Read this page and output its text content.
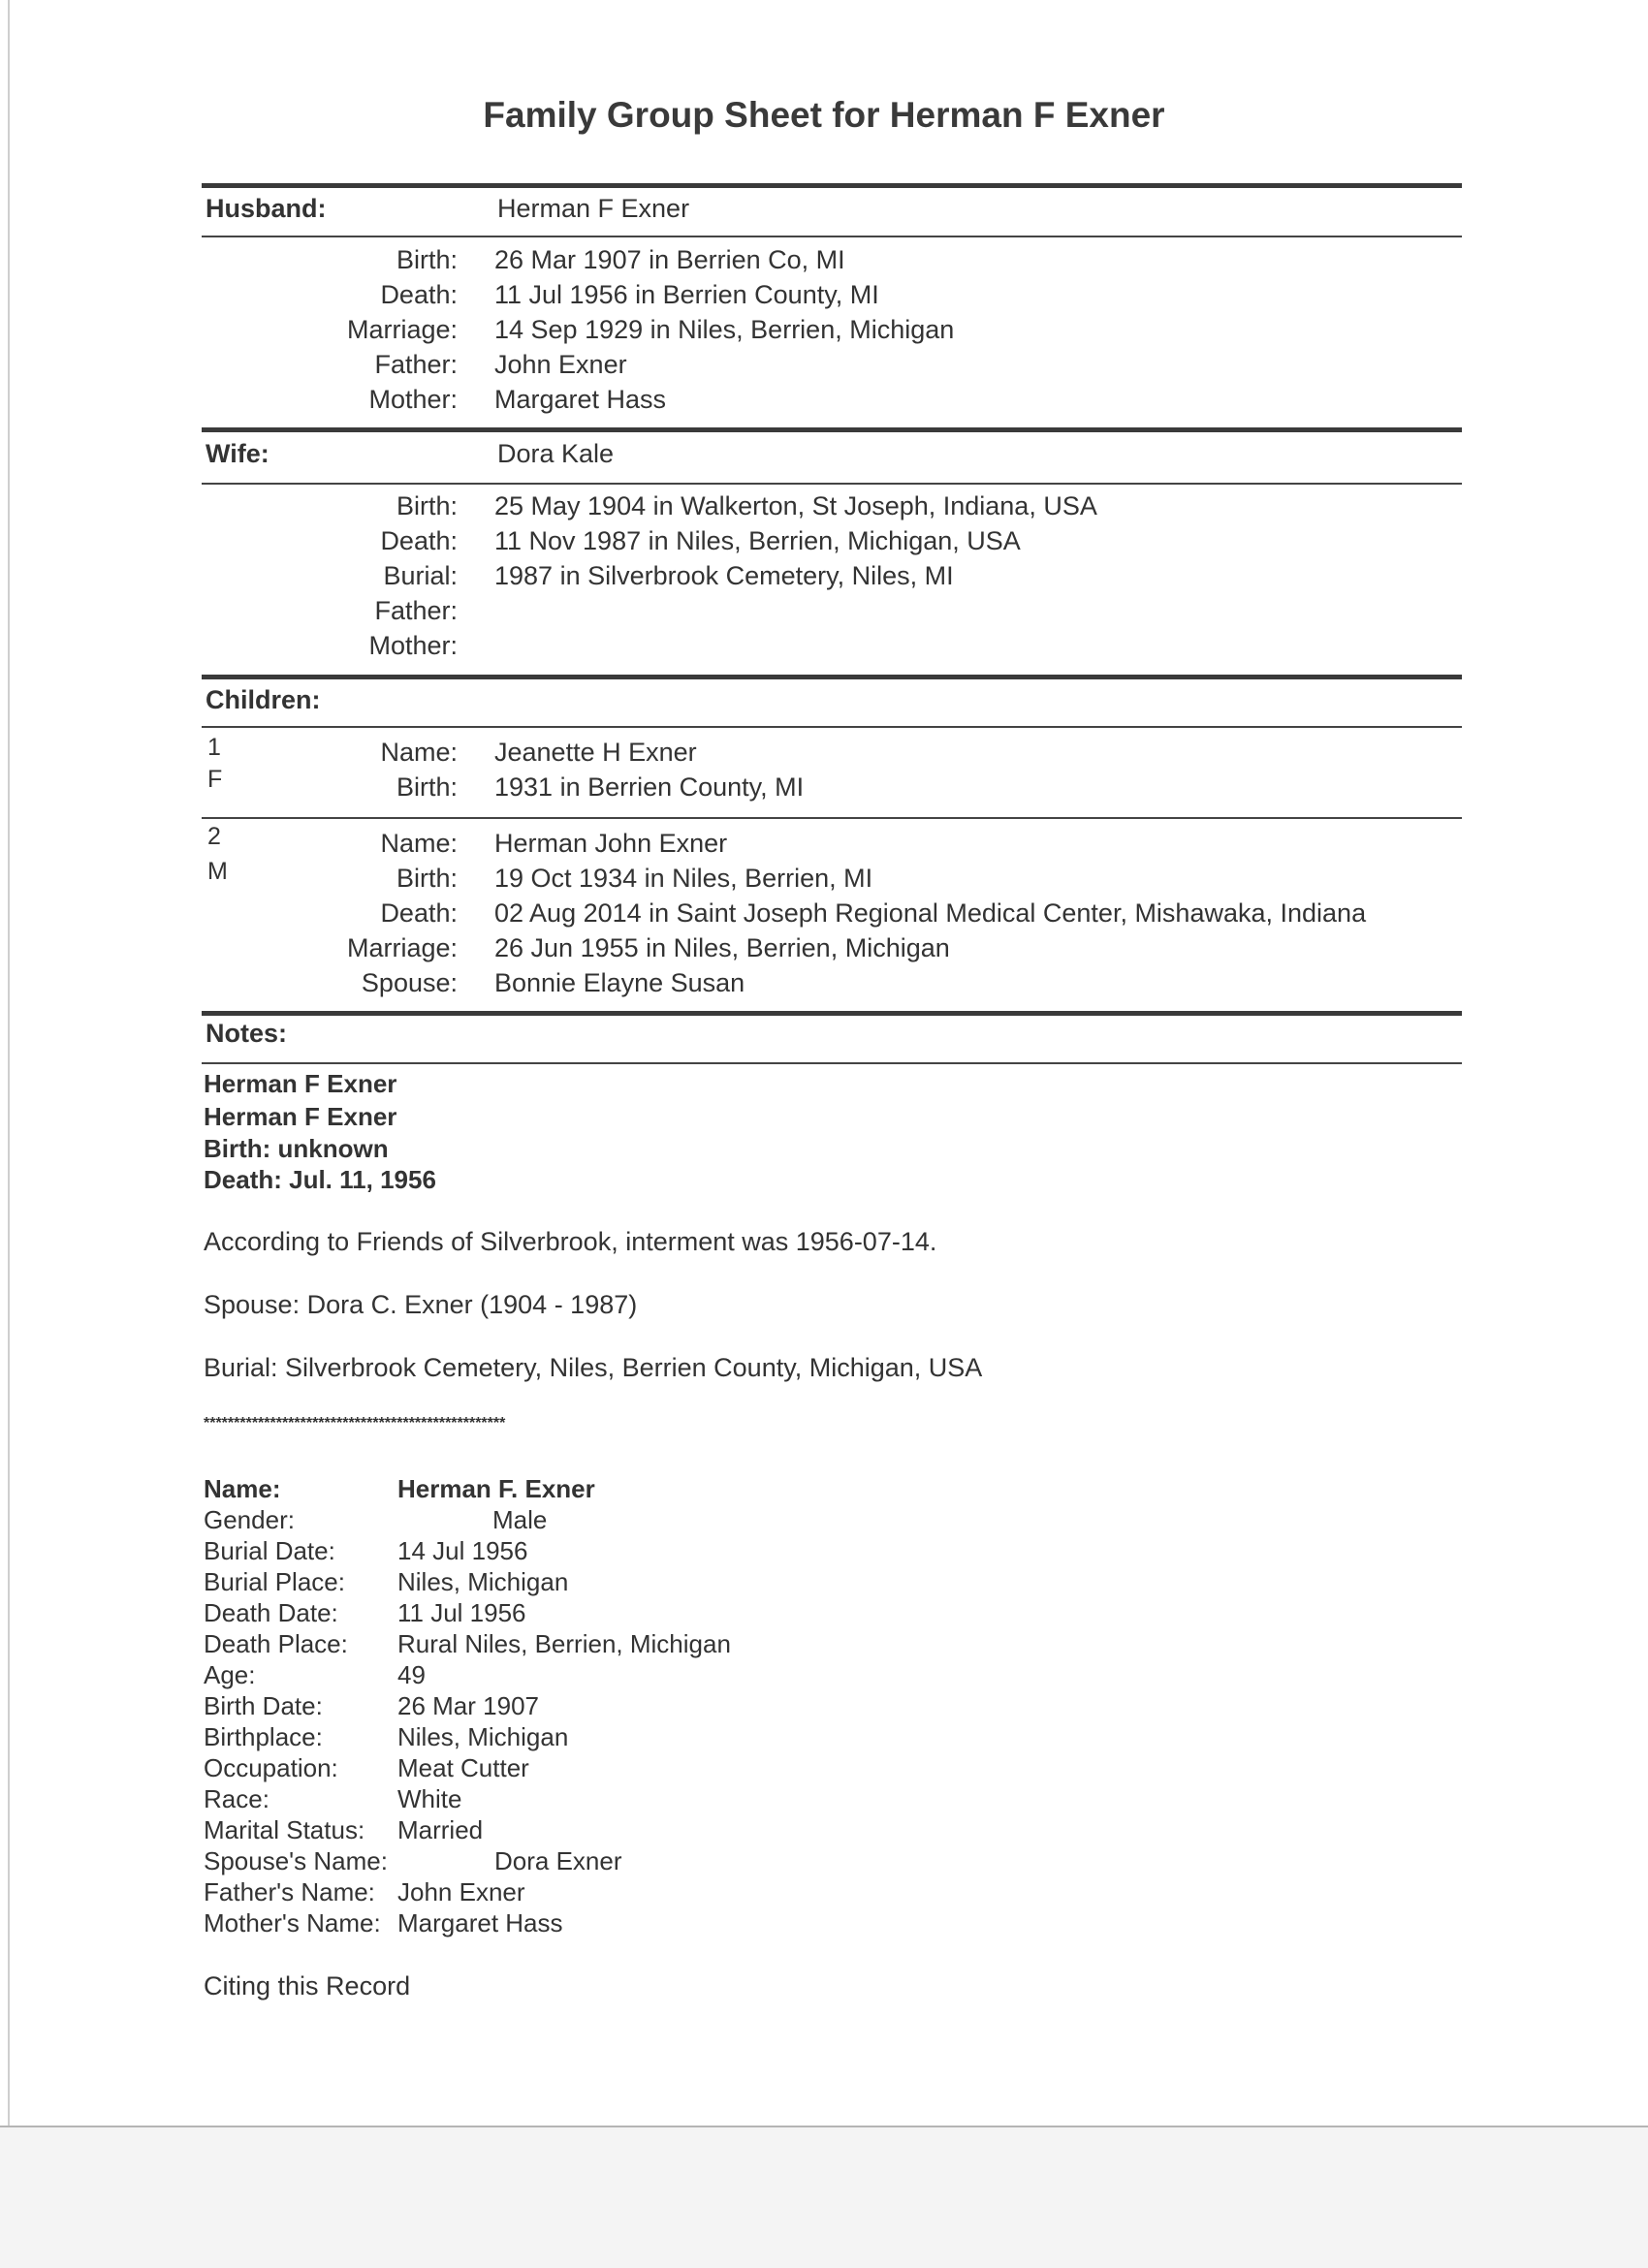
Family Group Sheet for Herman F Exner
Husband:	Herman F Exner
Birth: 26 Mar 1907 in Berrien Co, MI
Death: 11 Jul 1956 in Berrien County, MI
Marriage: 14 Sep 1929 in Niles, Berrien, Michigan
Father: John Exner
Mother: Margaret Hass
Wife:	Dora Kale
Birth: 25 May 1904 in Walkerton, St Joseph, Indiana, USA
Death: 11 Nov 1987 in Niles, Berrien, Michigan, USA
Burial: 1987 in Silverbrook Cemetery, Niles, MI
Father:
Mother:
Children:
1
F
Name: Jeanette H Exner
Birth: 1931 in Berrien County, MI
2
M
Name: Herman John Exner
Birth: 19 Oct 1934 in Niles, Berrien, MI
Death: 02 Aug 2014 in Saint Joseph Regional Medical Center, Mishawaka, Indiana
Marriage: 26 Jun 1955 in Niles, Berrien, Michigan
Spouse: Bonnie Elayne Susan
Notes:
Herman F Exner
Herman F Exner
Birth: unknown
Death: Jul. 11, 1956
According to Friends of Silverbrook, interment was 1956-07-14.
Spouse: Dora C. Exner (1904 - 1987)
Burial: Silverbrook Cemetery, Niles, Berrien County, Michigan, USA
**************************************************
Name:	Herman F. Exner
Gender:	Male
Burial Date: 14 Jul 1956
Burial Place: Niles, Michigan
Death Date: 11 Jul 1956
Death Place: Rural Niles, Berrien, Michigan
Age:	49
Birth Date:	26 Mar 1907
Birthplace:	Niles, Michigan
Occupation: Meat Cutter
Race:	White
Marital Status: Married
Spouse's Name:	Dora Exner
Father's Name: John Exner
Mother's Name: Margaret Hass
Citing this Record
